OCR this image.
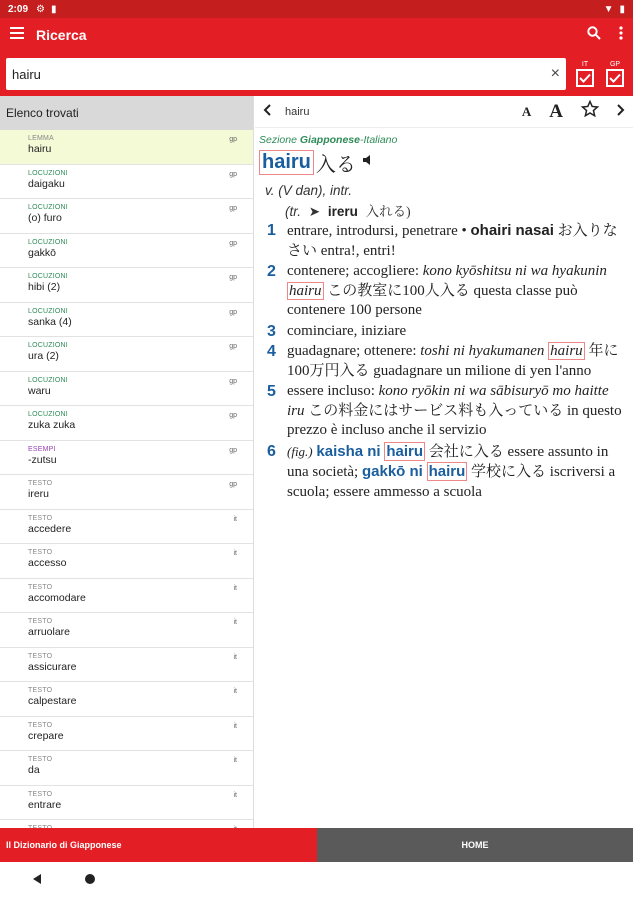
2:09 ⚙ ▮	▼ ▮
Ricerca
hairu
×
IT	GP
Elenco trovati
LEMMA
hairu
gp
LOCUZIONI
daigaku
gp
LOCUZIONI
(o) furo
gp
LOCUZIONI
gakkō
gp
LOCUZIONI
hibi (2)
gp
LOCUZIONI
sanka (4)
gp
LOCUZIONI
ura (2)
gp
LOCUZIONI
waru
gp
LOCUZIONI
zuka zuka
gp
ESEMPI
-zutsu
gp
TESTO
ireru
gp
TESTO
accedere
it
TESTO
accesso
it
TESTO
accomodare
it
TESTO
arruolare
it
TESTO
assicurare
it
TESTO
calpestare
it
TESTO
crepare
it
TESTO
da
it
TESTO
entrare
it
hairu	A A
Sezione Giapponese-Italiano
hairu 入る
v. (V dan), intr.
(tr. ➤ ireru 入れる)
1 entrare, introdursi, penetrare • ohairi nasai お入りなさい entra!, entri!
2 contenere; accogliere: kono kyōshitsu ni wa hyakunin hairu この教室に100人入る questa classe può contenere 100 persone
3 cominciare, iniziare
4 guadagnare; ottenere: toshi ni hyakumanen hairu 年に100万円入る guadagnare un milione di yen l'anno
5 essere incluso: kono ryōkin ni wa sābisuryō mo haitte iru この料金にはサービス料も入っている in questo prezzo è incluso anche il servizio
6 (fig.) kaisha ni hairu 会社に入る essere assunto in una società; gakkō ni hairu 学校に入る iscriversi a scuola; essere ammesso a scuola
Il Dizionario di Giapponese	HOME
